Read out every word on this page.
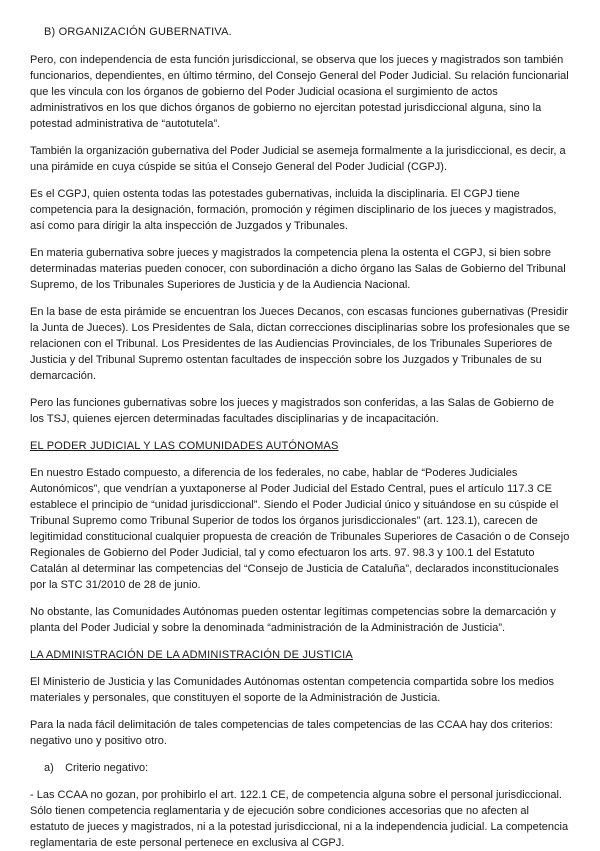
B) ORGANIZACIÓN GUBERNATIVA.

Pero, con independencia de esta función jurisdiccional, se observa que los jueces y magistrados son también funcionarios, dependientes, en último término, del Consejo General del Poder Judicial. Su relación funcionarial que les vincula con los órganos de gobierno del Poder Judicial ocasiona el surgimiento de actos administrativos en los que dichos órganos de gobierno no ejercitan potestad jurisdiccional alguna, sino la potestad administrativa de “autotutela”.

También la organización gubernativa del Poder Judicial se asemeja formalmente a la jurisdiccional, es decir, a una pirámide en cuya cúspide se sitúa el Consejo General del Poder Judicial (CGPJ).

Es el CGPJ, quien ostenta todas las potestades gubernativas, incluida la disciplinaria. El CGPJ tiene competencia para la designación, formación, promoción y régimen disciplinario de los jueces y magistrados, así como para dirigir la alta inspección de Juzgados y Tribunales.

En materia gubernativa sobre jueces y magistrados la competencia plena la ostenta el CGPJ, si bien sobre determinadas materias pueden conocer, con subordinación a dicho órgano las Salas de Gobierno del Tribunal Supremo, de los Tribunales Superiores de Justicia y de la Audiencia Nacional.

En la base de esta pirámide se encuentran los Jueces Decanos, con escasas funciones gubernativas (Presidir la Junta de Jueces). Los Presidentes de Sala, dictan correcciones disciplinarias sobre los profesionales que se relacionen con el Tribunal. Los Presidentes de las Audiencias Provinciales, de los Tribunales Superiores de Justicia y del Tribunal Supremo ostentan facultades de inspección sobre los Juzgados y Tribunales de su demarcación.

Pero las funciones gubernativas sobre los jueces y magistrados son conferidas, a las Salas de Gobierno de los TSJ, quienes ejercen determinadas facultades disciplinarias y de incapacitación.

EL PODER JUDICIAL Y LAS COMUNIDADES AUTÓNOMAS

En nuestro Estado compuesto, a diferencia de los federales, no cabe, hablar de “Poderes Judiciales Autonómicos”, que vendrían a yuxtaponerse al Poder Judicial del Estado Central, pues el artículo 117.3 CE establece el principio de “unidad jurisdiccional”. Siendo el Poder Judicial único y situándose en su cúspide el Tribunal Supremo como Tribunal Superior de todos los órganos jurisdiccionales” (art. 123.1), carecen de legitimidad constitucional cualquier propuesta de creación de Tribunales Superiores de Casación o de Consejo Regionales de Gobierno del Poder Judicial, tal y como efectuaron los arts. 97. 98.3 y 100.1 del Estatuto Catalán al determinar las competencias del “Consejo de Justicia de Cataluña”, declarados inconstitucionales por la STC 31/2010 de 28 de junio.

No obstante, las Comunidades Autónomas pueden ostentar legítimas competencias sobre la demarcación y planta del Poder Judicial y sobre la denominada “administración de la Administración de Justicia”.

LA ADMINISTRACIÓN DE LA ADMINISTRACIÓN DE JUSTICIA

El Ministerio de Justicia y las Comunidades Autónomas ostentan competencia compartida sobre los medios materiales y personales, que constituyen el soporte de la Administración de Justicia.

Para la nada fácil delimitación de tales competencias de tales competencias de las CCAA hay dos criterios: negativo uno y positivo otro.

a) Criterio negativo:

- Las CCAA no gozan, por prohibirlo el art. 122.1 CE, de competencia alguna sobre el personal jurisdiccional. Sólo tienen competencia reglamentaria y de ejecución sobre condiciones accesorias que no afecten al estatuto de jueces y magistrados, ni a la potestad jurisdiccional, ni a la independencia judicial. La competencia reglamentaria de este personal pertenece en exclusiva al CGPJ.
